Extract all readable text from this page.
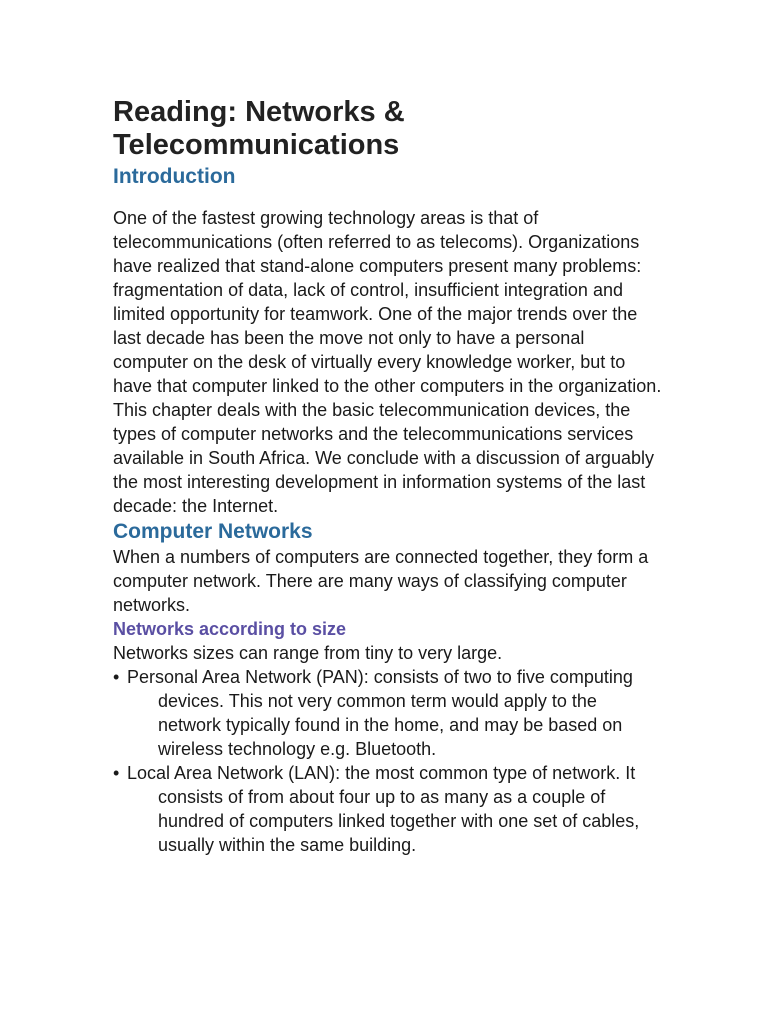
Reading: Networks & Telecommunications
Introduction

One of the fastest growing technology areas is that of telecommunications (often referred to as telecoms). Organizations have realized that stand-alone computers present many problems: fragmentation of data, lack of control, insufficient integration and limited opportunity for teamwork. One of the major trends over the last decade has been the move not only to have a personal computer on the desk of virtually every knowledge worker, but to have that computer linked to the other computers in the organization. This chapter deals with the basic telecommunication devices, the types of computer networks and the telecommunications services available in South Africa. We conclude with a discussion of arguably the most interesting development in information systems of the last decade: the Internet.

Computer Networks

When a numbers of computers are connected together, they form a computer network. There are many ways of classifying computer networks.

Networks according to size

Networks sizes can range from tiny to very large.

• Personal Area Network (PAN): consists of two to five computing devices. This not very common term would apply to the network typically found in the home, and may be based on wireless technology e.g. Bluetooth.
• Local Area Network (LAN): the most common type of network. It consists of from about four up to as many as a couple of hundred of computers linked together with one set of cables, usually within the same building.
